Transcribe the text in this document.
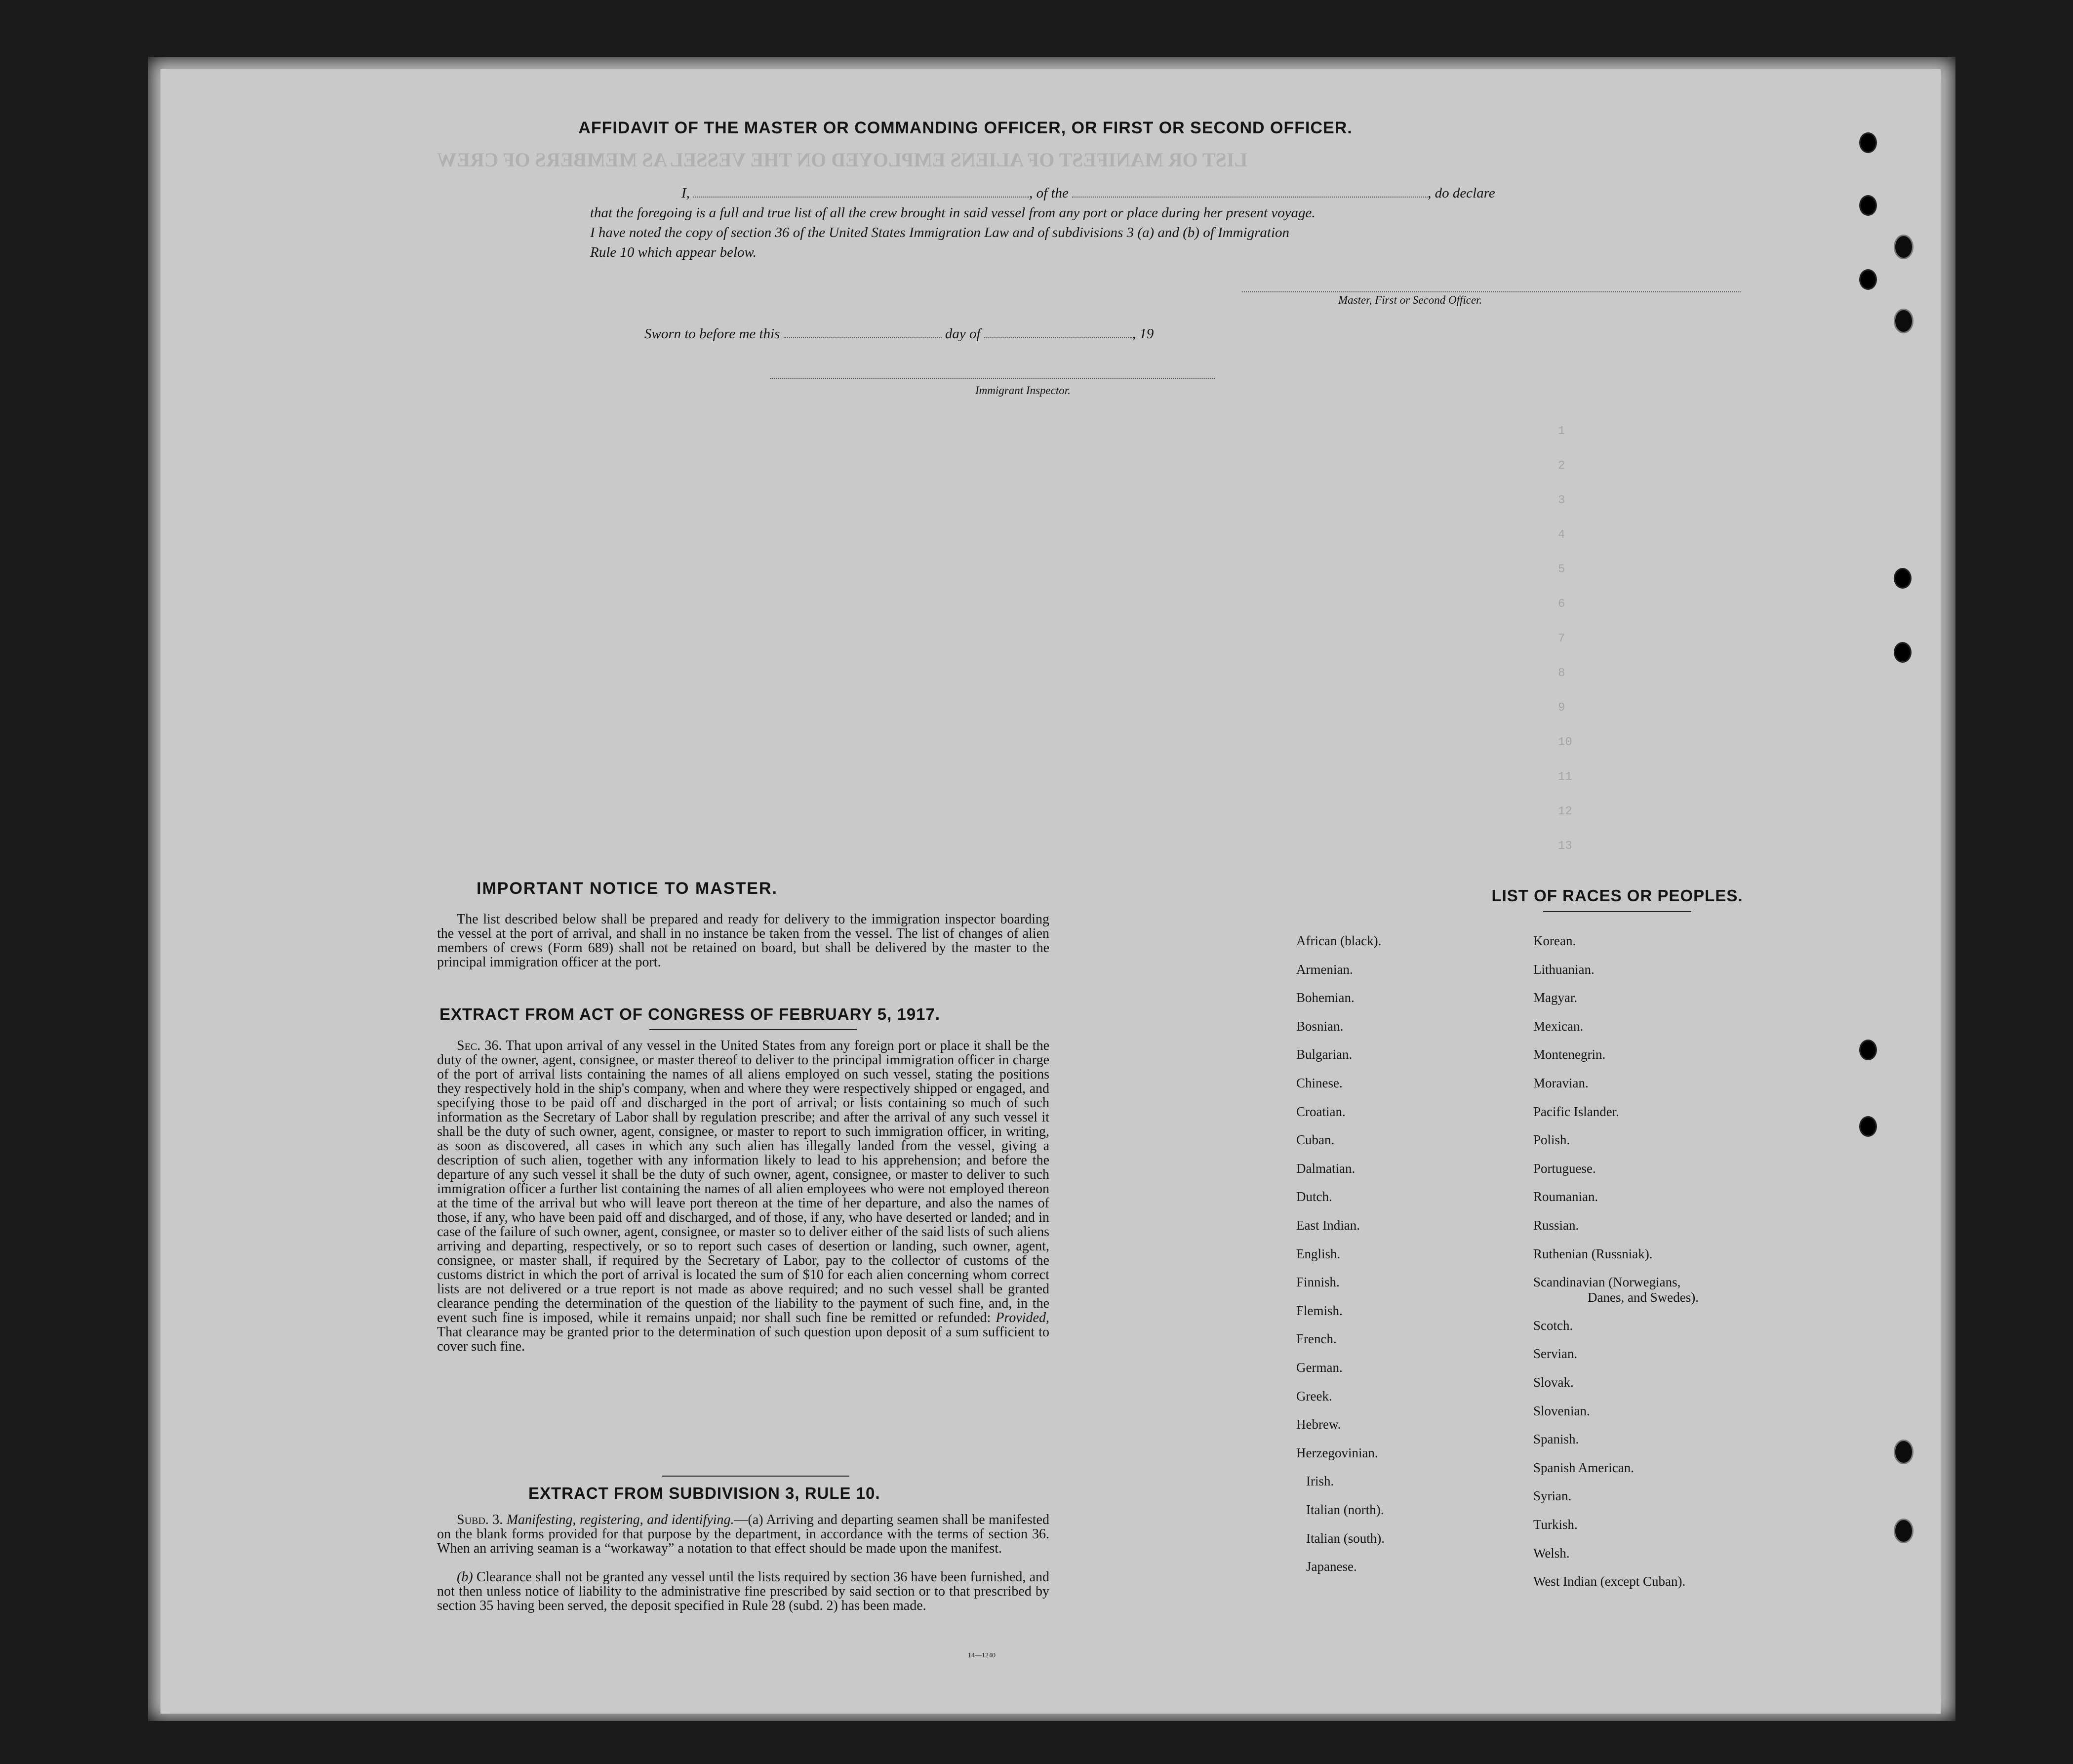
LIST OR MANIFEST OF ALIENS EMPLOYED ON THE VESSEL AS MEMBERS OF CREW
1
2
3
4
5
6
7
8
9
10
11
12
13
AFFIDAVIT OF THE MASTER OR COMMANDING OFFICER, OR FIRST OR SECOND OFFICER.
I,	, of the	, do declare
that the foregoing is a full and true list of all the crew brought in said vessel from any port or place during her present voyage.
I have noted the copy of section 36 of the United States Immigration Law and of subdivisions 3 (a) and (b) of Immigration
Rule 10 which appear below.
Master, First or Second Officer.
Sworn to before me this	day of	, 19
Immigrant Inspector.
IMPORTANT NOTICE TO MASTER.

The list described below shall be prepared and ready for delivery to the immigration inspector boarding the vessel at the port of arrival, and shall in no instance be taken from the vessel. The list of changes of alien members of crews (Form 689) shall not be retained on board, but shall be delivered by the master to the principal immigration officer at the port.

EXTRACT FROM ACT OF CONGRESS OF FEBRUARY 5, 1917.

Sec. 36. That upon arrival of any vessel in the United States from any foreign port or place it shall be the duty of the owner, agent, consignee, or master thereof to deliver to the principal immigration officer in charge of the port of arrival lists containing the names of all aliens employed on such vessel, stating the positions they respectively hold in the ship's company, when and where they were respectively shipped or engaged, and specifying those to be paid off and discharged in the port of arrival; or lists containing so much of such information as the Secretary of Labor shall by regulation prescribe; and after the arrival of any such vessel it shall be the duty of such owner, agent, consignee, or master to report to such immigration officer, in writing, as soon as discovered, all cases in which any such alien has illegally landed from the vessel, giving a description of such alien, together with any information likely to lead to his apprehension; and before the departure of any such vessel it shall be the duty of such owner, agent, consignee, or master to deliver to such immigration officer a further list containing the names of all alien employees who were not employed thereon at the time of the arrival but who will leave port thereon at the time of her departure, and also the names of those, if any, who have been paid off and discharged, and of those, if any, who have deserted or landed; and in case of the failure of such owner, agent, consignee, or master so to deliver either of the said lists of such aliens arriving and departing, respectively, or so to report such cases of desertion or landing, such owner, agent, consignee, or master shall, if required by the Secretary of Labor, pay to the collector of customs of the customs district in which the port of arrival is located the sum of $10 for each alien concerning whom correct lists are not delivered or a true report is not made as above required; and no such vessel shall be granted clearance pending the determination of the question of the liability to the payment of such fine, and, in the event such fine is imposed, while it remains unpaid; nor shall such fine be remitted or refunded: Provided, That clearance may be granted prior to the determination of such question upon deposit of a sum sufficient to cover such fine.

EXTRACT FROM SUBDIVISION 3, RULE 10.

Subd. 3. Manifesting, registering, and identifying.—(a) Arriving and departing seamen shall be manifested on the blank forms provided for that purpose by the department, in accordance with the terms of section 36. When an arriving seaman is a “workaway” a notation to that effect should be made upon the manifest.

(b) Clearance shall not be granted any vessel until the lists required by section 36 have been furnished, and not then unless notice of liability to the administrative fine prescribed by said section or to that prescribed by section 35 having been served, the deposit specified in Rule 28 (subd. 2) has been made.

14—1240
LIST OF RACES OR PEOPLES.
African (black).
Armenian.
Bohemian.
Bosnian.
Bulgarian.
Chinese.
Croatian.
Cuban.
Dalmatian.
Dutch.
East Indian.
English.
Finnish.
Flemish.
French.
German.
Greek.
Hebrew.
Herzegovinian.
Irish.
Italian (north).
Italian (south).
Japanese.
Korean.
Lithuanian.
Magyar.
Mexican.
Montenegrin.
Moravian.
Pacific Islander.
Polish.
Portuguese.
Roumanian.
Russian.
Ruthenian (Russniak).
Scandinavian (Norwegians,
Danes, and Swedes).
Scotch.
Servian.
Slovak.
Slovenian.
Spanish.
Spanish American.
Syrian.
Turkish.
Welsh.
West Indian (except Cuban).
